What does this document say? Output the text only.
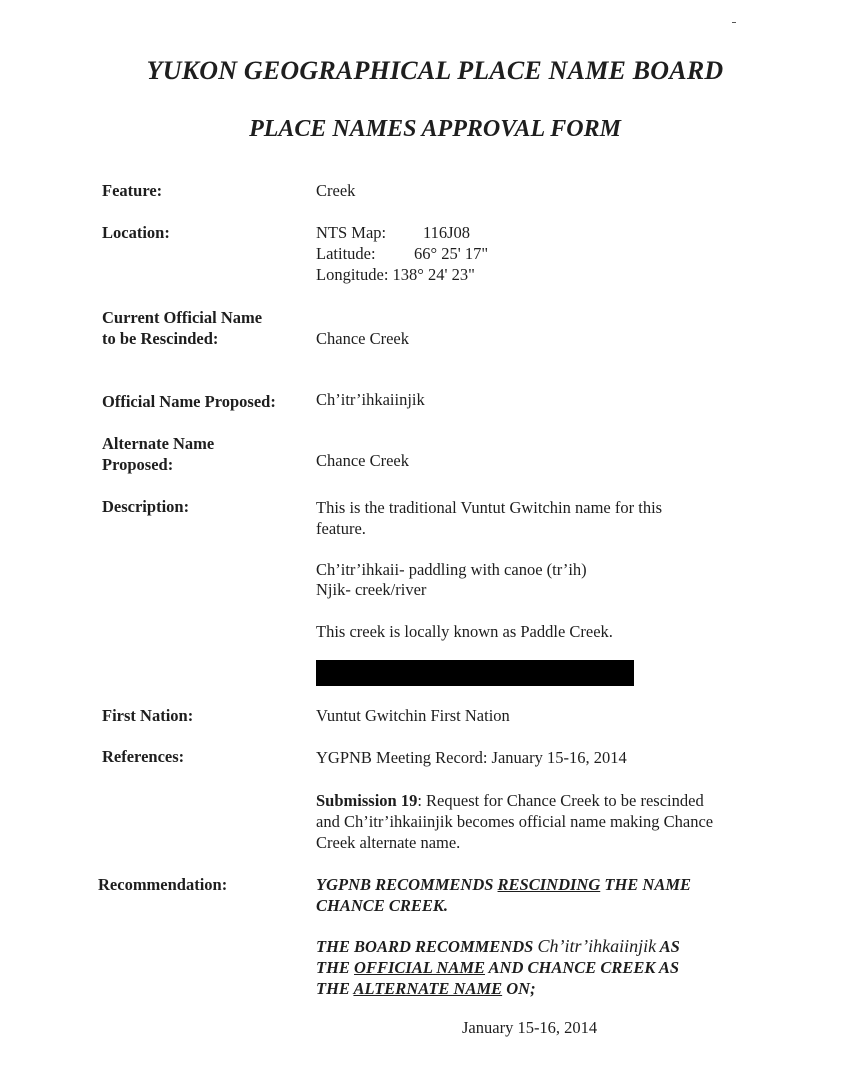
YUKON GEOGRAPHICAL PLACE NAME BOARD
PLACE NAMES APPROVAL FORM
Feature:	Creek
Location:	NTS Map: 116J08
Latitude: 66° 25' 17"
Longitude: 138° 24' 23"
Current Official Name
to be Rescinded:	Chance Creek
Official Name Proposed: Ch’itr’ihkaiinjik
Alternate Name
Proposed:	Chance Creek
Description:	This is the traditional Vuntut Gwitchin name for this
feature.
Ch’itr’ihkaii- paddling with canoe (tr’ih)
Njik- creek/river
This creek is locally known as Paddle Creek.
First Nation:	Vuntut Gwitchin First Nation
References:	YGPNB Meeting Record: January 15-16, 2014
Submission 19: Request for Chance Creek to be rescinded
and Ch’itr’ihkaiinjik becomes official name making Chance
Creek alternate name.
Recommendation:	YGPNB RECOMMENDS RESCINDING THE NAME
CHANCE CREEK.
THE BOARD RECOMMENDS Ch’itr’ihkaiinjik AS
THE OFFICIAL NAME AND CHANCE CREEK AS
THE ALTERNATE NAME ON;
January 15-16, 2014
